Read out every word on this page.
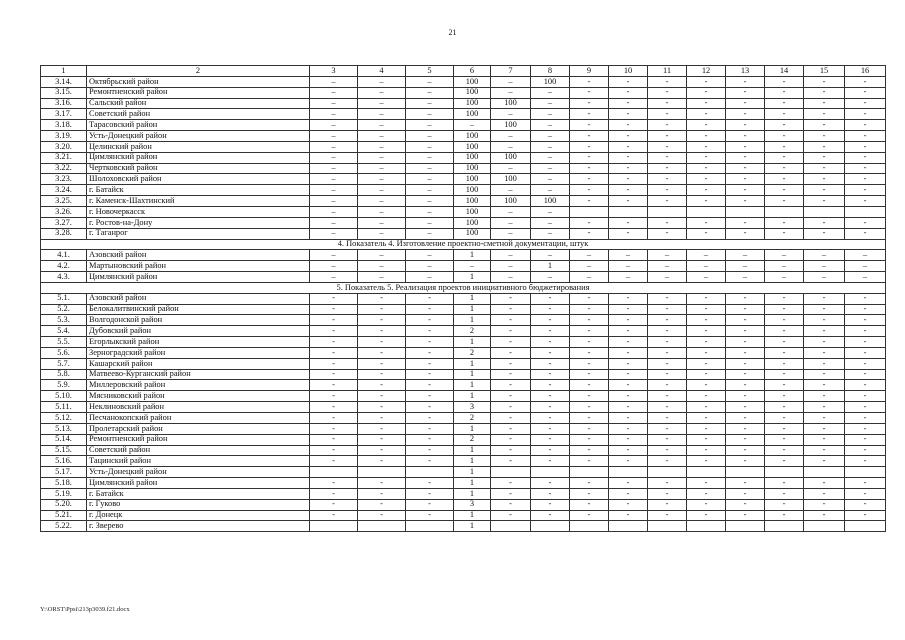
21
1	2	3	4	5	6	7	8	9	10	11	12	13	14	15	16
3.14.	Октябрьский район	–	–	–	100	–	100	-	-	-	-	-	-	-	-
3.15.	Ремонтненский район	–	–	–	100	–	–	-	-	-	-	-	-	-	-
3.16.	Сальский район	–	–	–	100	100	–	-	-	-	-	-	-	-	-
3.17.	Советский район	–	–	–	100	–	–	-	-	-	-	-	-	-	-
3.18.	Тарасовский район	–	–	–	–	100	–	-	-	-	-	-	-	-	-
3.19.	Усть-Донецкий район	–	–	–	100	–	–	-	-	-	-	-	-	-	-
3.20.	Целинский район	–	–	–	100	–	–	-	-	-	-	-	-	-	-
3.21.	Цимлянский район	–	–	–	100	100	–	-	-	-	-	-	-	-	-
3.22.	Чертковский район	–	–	–	100	–	–	-	-	-	-	-	-	-	-
3.23.	Шолоховский район	–	–	–	100	100	–	-	-	-	-	-	-	-	-
3.24.	г. Батайск	–	–	–	100	–	–	-	-	-	-	-	-	-	-
3.25.	г. Каменск-Шахтинский	–	–	–	100	100	100	-	-	-	-	-	-	-	-
3.26.	г. Новочеркасск	–	–	–	100	–	–								
3.27.	г. Ростов-на-Дону	–	–	–	100	–	–	-	-	-	-	-	-	-	-
3.28.	г. Таганрог	–	–	–	100	–	–	-	-	-	-	-	-	-	-
4. Показатель 4. Изготовление проектно-сметной документации, штук															
4.1.	Азовский район	–	–	–	1	–	–	–	–	–	–	–	–	–	–
4.2.	Мартыновский район	–	–	–	–	–	1	–	–	–	–	–	–	–	–
4.3.	Цимлянский район	–	–	–	1	–	–	–	–	–	–	–	–	–	–
5. Показатель 5. Реализация проектов инициативного бюджетирования															
5.1.	Азовский район	-	-	-	1	-	-	-	-	-	-	-	-	-	-
5.2.	Белокалитвинский район	-	-	-	1	-	-	-	-	-	-	-	-	-	-
5.3.	Волгодонской район	-	-	-	1	-	-	-	-	-	-	-	-	-	-
5.4.	Дубовский район	-	-	-	2	-	-	-	-	-	-	-	-	-	-
5.5.	Егорлыкский район	-	-	-	1	-	-	-	-	-	-	-	-	-	-
5.6.	Зерноградский район	-	-	-	2	-	-	-	-	-	-	-	-	-	-
5.7.	Кашарский район	-	-	-	1	-	-	-	-	-	-	-	-	-	-
5.8.	Матвеево-Курганский район	-	-	-	1	-	-	-	-	-	-	-	-	-	-
5.9.	Миллеровский район	-	-	-	1	-	-	-	-	-	-	-	-	-	-
5.10.	Мясниковский район	-	-	-	1	-	-	-	-	-	-	-	-	-	-
5.11.	Неклиновский район	-	-	-	3	-	-	-	-	-	-	-	-	-	-
5.12.	Песчанокопский район	-	-	-	2	-	-	-	-	-	-	-	-	-	-
5.13.	Пролетарский район	-	-	-	1	-	-	-	-	-	-	-	-	-	-
5.14.	Ремонтненский район	-	-	-	2	-	-	-	-	-	-	-	-	-	-
5.15.	Советский район	-	-	-	1	-	-	-	-	-	-	-	-	-	-
5.16.	Тацинский район	-	-	-	1	-	-	-	-	-	-	-	-	-	-
5.17.	Усть-Донецкий район				1										
5.18.	Цимлянский район	-	-	-	1	-	-	-	-	-	-	-	-	-	-
5.19.	г. Батайск	-	-	-	1	-	-	-	-	-	-	-	-	-	-
5.20.	г. Гуково	-	-	-	3	-	-	-	-	-	-	-	-	-	-
5.21.	г. Донецк	-	-	-	1	-	-	-	-	-	-	-	-	-	-
5.22.	г. Зверево				1										
Y:\ORST\Ppsi\213p3039.f21.docx
